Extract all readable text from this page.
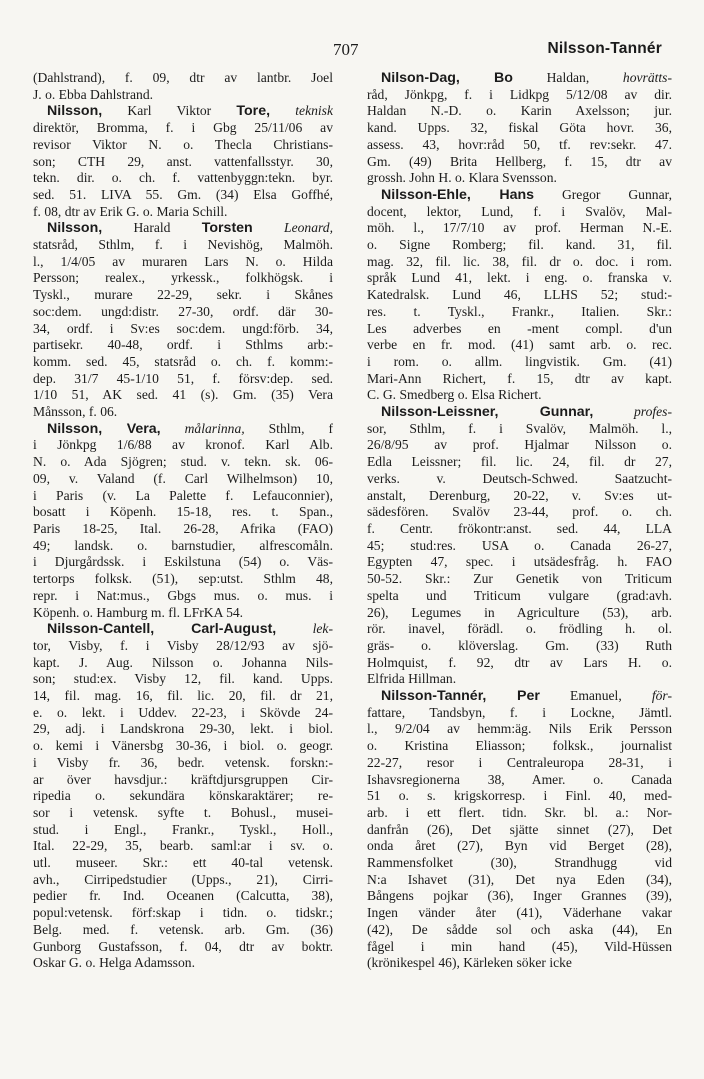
707	Nilsson-Tannér
(Dahlstrand), f. 09, dtr av lantbr. Joel
J. o. Ebba Dahlstrand.
Nilsson, Karl Viktor Tore, teknisk
direktör, Bromma, f. i Gbg 25/11/06 av
revisor Viktor N. o. Thecla Christians-
son; CTH 29, anst. vattenfallsstyr. 30,
tekn. dir. o. ch. f. vattenbyggn:tekn. byr.
sed. 51. LIVA 55. Gm. (34) Elsa Goffhé,
f. 08, dtr av Erik G. o. Maria Schill.
Nilsson, Harald Torsten Leonard,
statsråd, Sthlm, f. i Nevishög, Malmöh.
l., 1/4/05 av muraren Lars N. o. Hilda
Persson; realex., yrkessk., folkhögsk. i
Tyskl., murare 22-29, sekr. i Skånes
soc:dem. ungd:distr. 27-30, ordf. där 30-
34, ordf. i Sv:es soc:dem. ungd:förb. 34,
partisekr. 40-48, ordf. i Sthlms arb:-
komm. sed. 45, statsråd o. ch. f. komm:-
dep. 31/7 45-1/10 51, f. försv:dep. sed.
1/10 51, AK sed. 41 (s). Gm. (35) Vera
Månsson, f. 06.
Nilsson, Vera, målarinna, Sthlm, f
i Jönkpg 1/6/88 av kronof. Karl Alb.
N. o. Ada Sjögren; stud. v. tekn. sk. 06-
09, v. Valand (f. Carl Wilhelmson) 10,
i Paris (v. La Palette f. Lefauconnier),
bosatt i Köpenh. 15-18, res. t. Span.,
Paris 18-25, Ital. 26-28, Afrika (FAO)
49; landsk. o. barnstudier, alfrescomåln.
i Djurgårdssk. i Eskilstuna (54) o. Väs-
tertorps folksk. (51), sep:utst. Sthlm 48,
repr. i Nat:mus., Gbgs mus. o. mus. i
Köpenh. o. Hamburg m. fl. LFrKA 54.
Nilsson-Cantell, Carl-August, lek-
tor, Visby, f. i Visby 28/12/93 av sjö-
kapt. J. Aug. Nilsson o. Johanna Nils-
son; stud:ex. Visby 12, fil. kand. Upps.
14, fil. mag. 16, fil. lic. 20, fil. dr 21,
e. o. lekt. i Uddev. 22-23, i Skövde 24-
29, adj. i Landskrona 29-30, lekt. i biol.
o. kemi i Vänersbg 30-36, i biol. o. geogr.
i Visby fr. 36, bedr. vetensk. forskn:-
ar över havsdjur.: kräftdjursgruppen Cir-
ripedia o. sekundära könskaraktärer; re-
sor i vetensk. syfte t. Bohusl., musei-
stud. i Engl., Frankr., Tyskl., Holl.,
Ital. 22-29, 35, bearb. saml:ar i sv. o.
utl. museer. Skr.: ett 40-tal vetensk.
avh., Cirripedstudier (Upps., 21), Cirri-
pedier fr. Ind. Oceanen (Calcutta, 38),
popul:vetensk. förf:skap i tidn. o. tidskr.;
Belg. med. f. vetensk. arb. Gm. (36)
Gunborg Gustafsson, f. 04, dtr av boktr.
Oskar G. o. Helga Adamsson.
Nilson-Dag, Bo Haldan, hovrätts-
råd, Jönkpg, f. i Lidkpg 5/12/08 av dir.
Haldan N.-D. o. Karin Axelsson; jur.
kand. Upps. 32, fiskal Göta hovr. 36,
assess. 43, hovr:råd 50, tf. rev:sekr. 47.
Gm. (49) Brita Hellberg, f. 15, dtr av
grossh. John H. o. Klara Svensson.
Nilsson-Ehle, Hans Gregor Gunnar,
docent, lektor, Lund, f. i Svalöv, Mal-
möh. l., 17/7/10 av prof. Herman N.-E.
o. Signe Romberg; fil. kand. 31, fil.
mag. 32, fil. lic. 38, fil. dr o. doc. i rom.
språk Lund 41, lekt. i eng. o. franska v.
Katedralsk. Lund 46, LLHS 52; stud:-
res. t. Tyskl., Frankr., Italien. Skr.:
Les adverbes en -ment compl. d'un
verbe en fr. mod. (41) samt arb. o. rec.
i rom. o. allm. lingvistik. Gm. (41)
Mari-Ann Richert, f. 15, dtr av kapt.
C. G. Smedberg o. Elsa Richert.
Nilsson-Leissner, Gunnar, profes-
sor, Sthlm, f. i Svalöv, Malmöh. l.,
26/8/95 av prof. Hjalmar Nilsson o.
Edla Leissner; fil. lic. 24, fil. dr 27,
verks. v. Deutsch-Schwed. Saatzucht-
anstalt, Derenburg, 20-22, v. Sv:es ut-
sädesfören. Svalöv 23-44, prof. o. ch.
f. Centr. frökontr:anst. sed. 44, LLA
45; stud:res. USA o. Canada 26-27,
Egypten 47, spec. i utsädesfråg. h. FAO
50-52. Skr.: Zur Genetik von Triticum
spelta und Triticum vulgare (grad:avh.
26), Legumes in Agriculture (53), arb.
rör. inavel, förädl. o. frödling h. ol.
gräs- o. klöverslag. Gm. (33) Ruth
Holmquist, f. 92, dtr av Lars H. o.
Elfrida Hillman.
Nilsson-Tannér, Per Emanuel, för-
fattare, Tandsbyn, f. i Lockne, Jämtl.
l., 9/2/04 av hemm:äg. Nils Erik Persson
o. Kristina Eliasson; folksk., journalist
22-27, resor i Centraleuropa 28-31, i
Ishavsregionerna 38, Amer. o. Canada
51 o. s. krigskorresp. i Finl. 40, med-
arb. i ett flert. tidn. Skr. bl. a.: Nor-
danfrån (26), Det sjätte sinnet (27), Det
onda året (27), Byn vid Berget (28),
Rammensfolket (30), Strandhugg vid
N:a Ishavet (31), Det nya Eden (34),
Bångens pojkar (36), Inger Grannes (39),
Ingen vänder åter (41), Väderhane vakar
(42), De sådde sol och aska (44), En
fågel i min hand (45), Vild-Hüssen
(krönikespel 46), Kärleken söker icke
